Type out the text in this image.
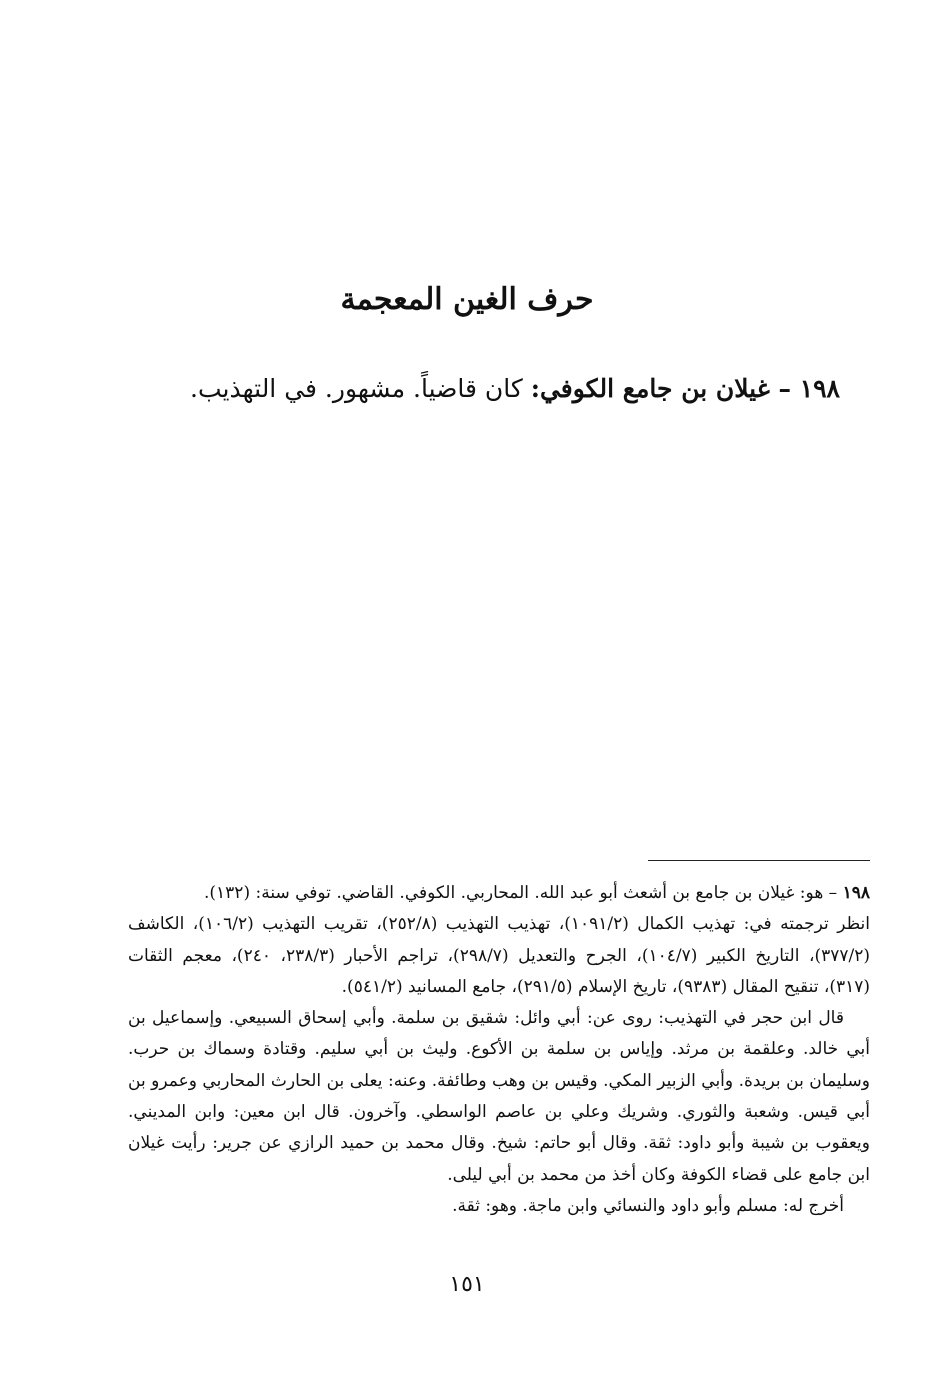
حرف الغين المعجمة

١٩٨ – غيلان بن جامع الكوفي: كان قاضياً. مشهور. في التهذيب.

١٩٨ – هو: غيلان بن جامع بن أشعث أبو عبد الله. المحاربي. الكوفي. القاضي. توفي سنة: (١٣٢).

انظر ترجمته في: تهذيب الكمال (١٠٩١/٢)، تهذيب التهذيب (٢٥٢/٨)، تقريب التهذيب (١٠٦/٢)، الكاشف (٣٧٧/٢)، التاريخ الكبير (١٠٤/٧)، الجرح والتعديل (٢٩٨/٧)، تراجم الأحبار (٢٣٨/٣، ٢٤٠)، معجم الثقات (٣١٧)، تنقيح المقال (٩٣٨٣)، تاريخ الإسلام (٢٩١/٥)، جامع المسانيد (٥٤١/٢).

قال ابن حجر في التهذيب: روى عن: أبي وائل: شقيق بن سلمة. وأبي إسحاق السبيعي. وإسماعيل بن أبي خالد. وعلقمة بن مرثد. وإياس بن سلمة بن الأكوع. وليث بن أبي سليم. وقتادة وسماك بن حرب. وسليمان بن بريدة. وأبي الزبير المكي. وقيس بن وهب وطائفة. وعنه: يعلى بن الحارث المحاربي وعمرو بن أبي قيس. وشعبة والثوري. وشريك وعلي بن عاصم الواسطي. وآخرون. قال ابن معين: وابن المديني. ويعقوب بن شيبة وأبو داود: ثقة. وقال أبو حاتم: شيخ. وقال محمد بن حميد الرازي عن جرير: رأيت غيلان ابن جامع على قضاء الكوفة وكان أخذ من محمد بن أبي ليلى.

أخرج له: مسلم وأبو داود والنسائي وابن ماجة. وهو: ثقة.

١٥١
